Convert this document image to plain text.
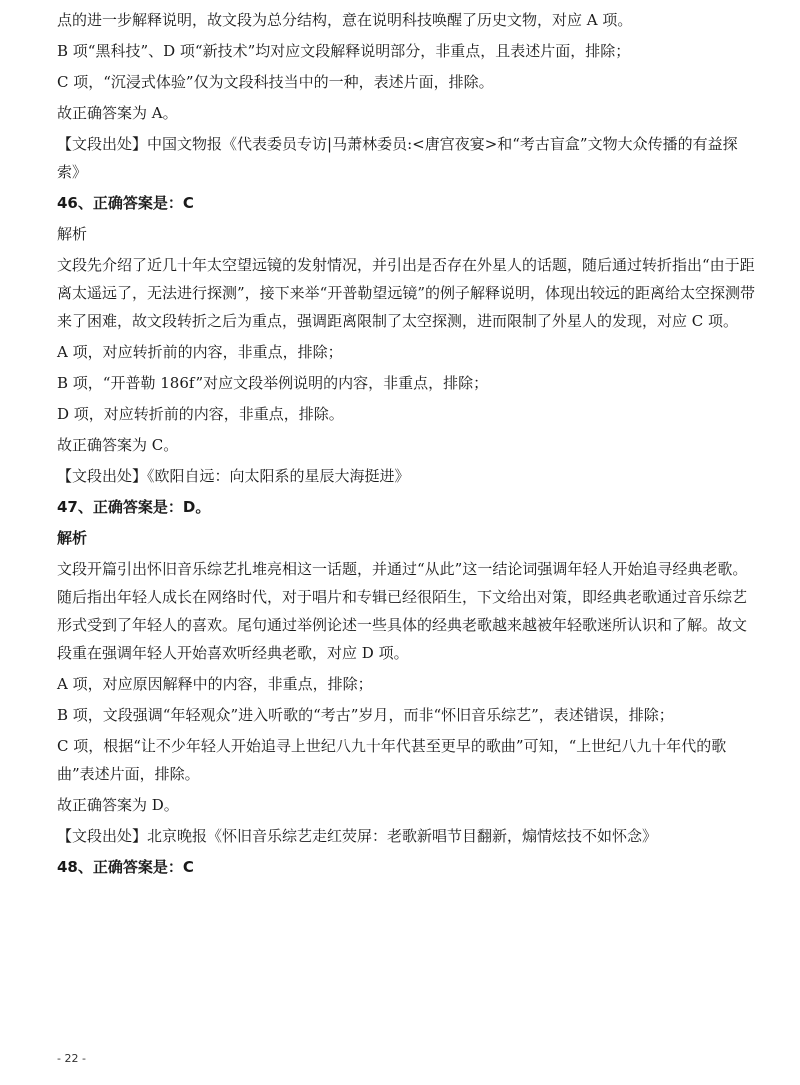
点的进一步解释说明，故文段为总分结构，意在说明科技唤醒了历史文物，对应 A 项。

B 项“黑科技”、D 项“新技术”均对应文段解释说明部分，非重点，且表述片面，排除；

C 项，“沉浸式体验”仅为文段科技当中的一种，表述片面，排除。

故正确答案为 A。

【文段出处】中国文物报《代表委员专访|马萧林委员:<唐宫夜宴>和“考古盲盒”文物大众传播的有益探索》

46、正确答案是：C

解析

文段先介绍了近几十年太空望远镜的发射情况，并引出是否存在外星人的话题，随后通过转折指出“由于距离太遥远了，无法进行探测”，接下来举“开普勒望远镜”的例子解释说明，体现出较远的距离给太空探测带来了困难，故文段转折之后为重点，强调距离限制了太空探测，进而限制了外星人的发现，对应 C 项。

A 项，对应转折前的内容，非重点，排除；

B 项，“开普勒 186f”对应文段举例说明的内容，非重点，排除；

D 项，对应转折前的内容，非重点，排除。

故正确答案为 C。

【文段出处】《欧阳自远：向太阳系的星辰大海挺进》

47、正确答案是：D。

解析

文段开篇引出怀旧音乐综艺扎堆亮相这一话题，并通过“从此”这一结论词强调年轻人开始追寻经典老歌。随后指出年轻人成长在网络时代，对于唱片和专辑已经很陌生，下文给出对策，即经典老歌通过音乐综艺形式受到了年轻人的喜欢。尾句通过举例论述一些具体的经典老歌越来越被年轻歌迷所认识和了解。故文段重在强调年轻人开始喜欢听经典老歌，对应 D 项。

A 项，对应原因解释中的内容，非重点，排除；

B 项，文段强调“年轻观众”进入听歌的“考古”岁月，而非“怀旧音乐综艺”，表述错误，排除；

C 项，根据“让不少年轻人开始追寻上世纪八九十年代甚至更早的歌曲”可知，“上世纪八九十年代的歌曲”表述片面，排除。

故正确答案为 D。

【文段出处】北京晚报《怀旧音乐综艺走红荧屏：老歌新唱节目翻新，煽情炫技不如怀念》

48、正确答案是：C

- 22 -
